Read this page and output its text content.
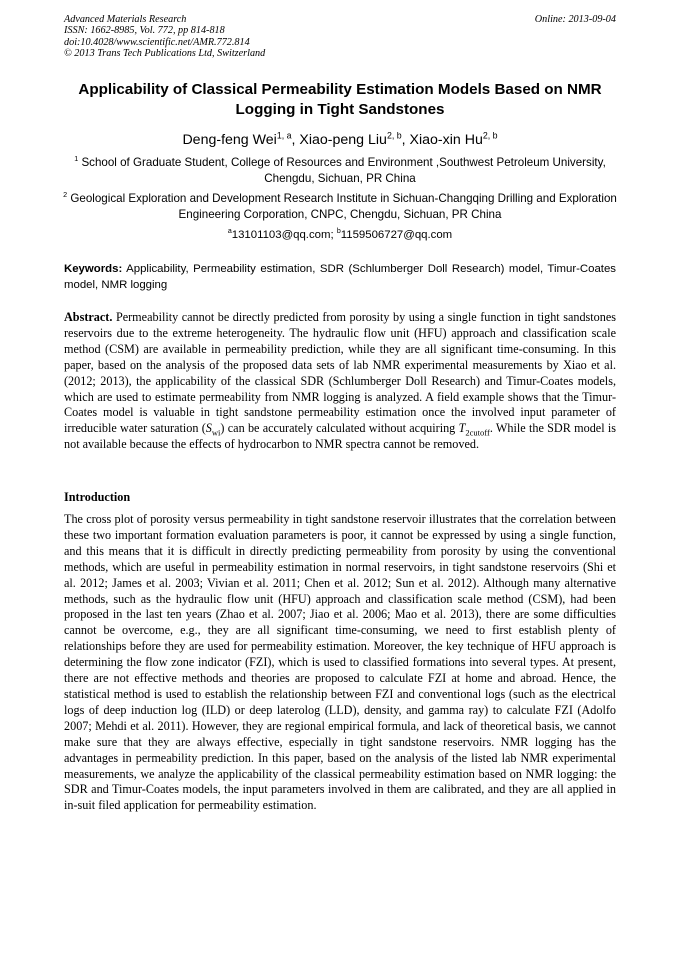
Advanced Materials Research
ISSN: 1662-8985, Vol. 772, pp 814-818
doi:10.4028/www.scientific.net/AMR.772.814
© 2013 Trans Tech Publications Ltd, Switzerland
Online: 2013-09-04
Applicability of Classical Permeability Estimation Models Based on NMR Logging in Tight Sandstones
Deng-feng Wei$^{1, a}$, Xiao-peng Liu$^{2, b}$, Xiao-xin Hu$^{2, b}$
$^1$ School of Graduate Student, College of Resources and Environment ,Southwest Petroleum University, Chengdu, Sichuan, PR China
$^2$ Geological Exploration and Development Research Institute in Sichuan-Changqing Drilling and Exploration Engineering Corporation, CNPC, Chengdu, Sichuan, PR China
$^a$13101103@qq.com; $^b$1159506727@qq.com
Keywords: Applicability, Permeability estimation, SDR (Schlumberger Doll Research) model, Timur-Coates model, NMR logging
Abstract. Permeability cannot be directly predicted from porosity by using a single function in tight sandstones reservoirs due to the extreme heterogeneity. The hydraulic flow unit (HFU) approach and classification scale method (CSM) are available in permeability prediction, while they are all significant time-consuming. In this paper, based on the analysis of the proposed data sets of lab NMR experimental measurements by Xiao et al. (2012; 2013), the applicability of the classical SDR (Schlumberger Doll Research) and Timur-Coates models, which are used to estimate permeability from NMR logging is analyzed. A field example shows that the Timur-Coates model is valuable in tight sandstone permeability estimation once the involved input parameter of irreducible water saturation $(S_{wi})$ can be accurately calculated without acquiring $T_{2cutoff}$. While the SDR model is not available because the effects of hydrocarbon to NMR spectra cannot be removed.
Introduction
The cross plot of porosity versus permeability in tight sandstone reservoir illustrates that the correlation between these two important formation evaluation parameters is poor, it cannot be expressed by using a single function, and this means that it is difficult in directly predicting permeability from porosity by using the conventional methods, which are useful in permeability estimation in normal reservoirs, in tight sandstone reservoirs (Shi et al. 2012; James et al. 2003; Vivian et al. 2011; Chen et al. 2012; Sun et al. 2012). Although many alternative methods, such as the hydraulic flow unit (HFU) approach and classification scale method (CSM), had been proposed in the last ten years (Zhao et al. 2007; Jiao et al. 2006; Mao et al. 2013), there are some difficulties cannot be overcome, e.g., they are all significant time-consuming, we need to first establish plenty of relationships before they are used for permeability estimation. Moreover, the key technique of HFU approach is determining the flow zone indicator (FZI), which is used to classified formations into several types. At present, there are not effective methods and theories are proposed to calculate FZI at home and abroad. Hence, the statistical method is used to establish the relationship between FZI and conventional logs (such as the electrical logs of deep induction log (ILD) or deep laterolog (LLD), density, and gamma ray) to calculate FZI (Adolfo 2007; Mehdi et al. 2011). However, they are regional empirical formula, and lack of theoretical basis, we cannot make sure that they are always effective, especially in tight sandstone reservoirs. NMR logging has the advantages in permeability prediction. In this paper, based on the analysis of the listed lab NMR experimental measurements, we analyze the applicability of the classical permeability estimation based on NMR logging: the SDR and Timur-Coates models, the input parameters involved in them are calibrated, and they are all applied in in-suit filed application for permeability estimation.
